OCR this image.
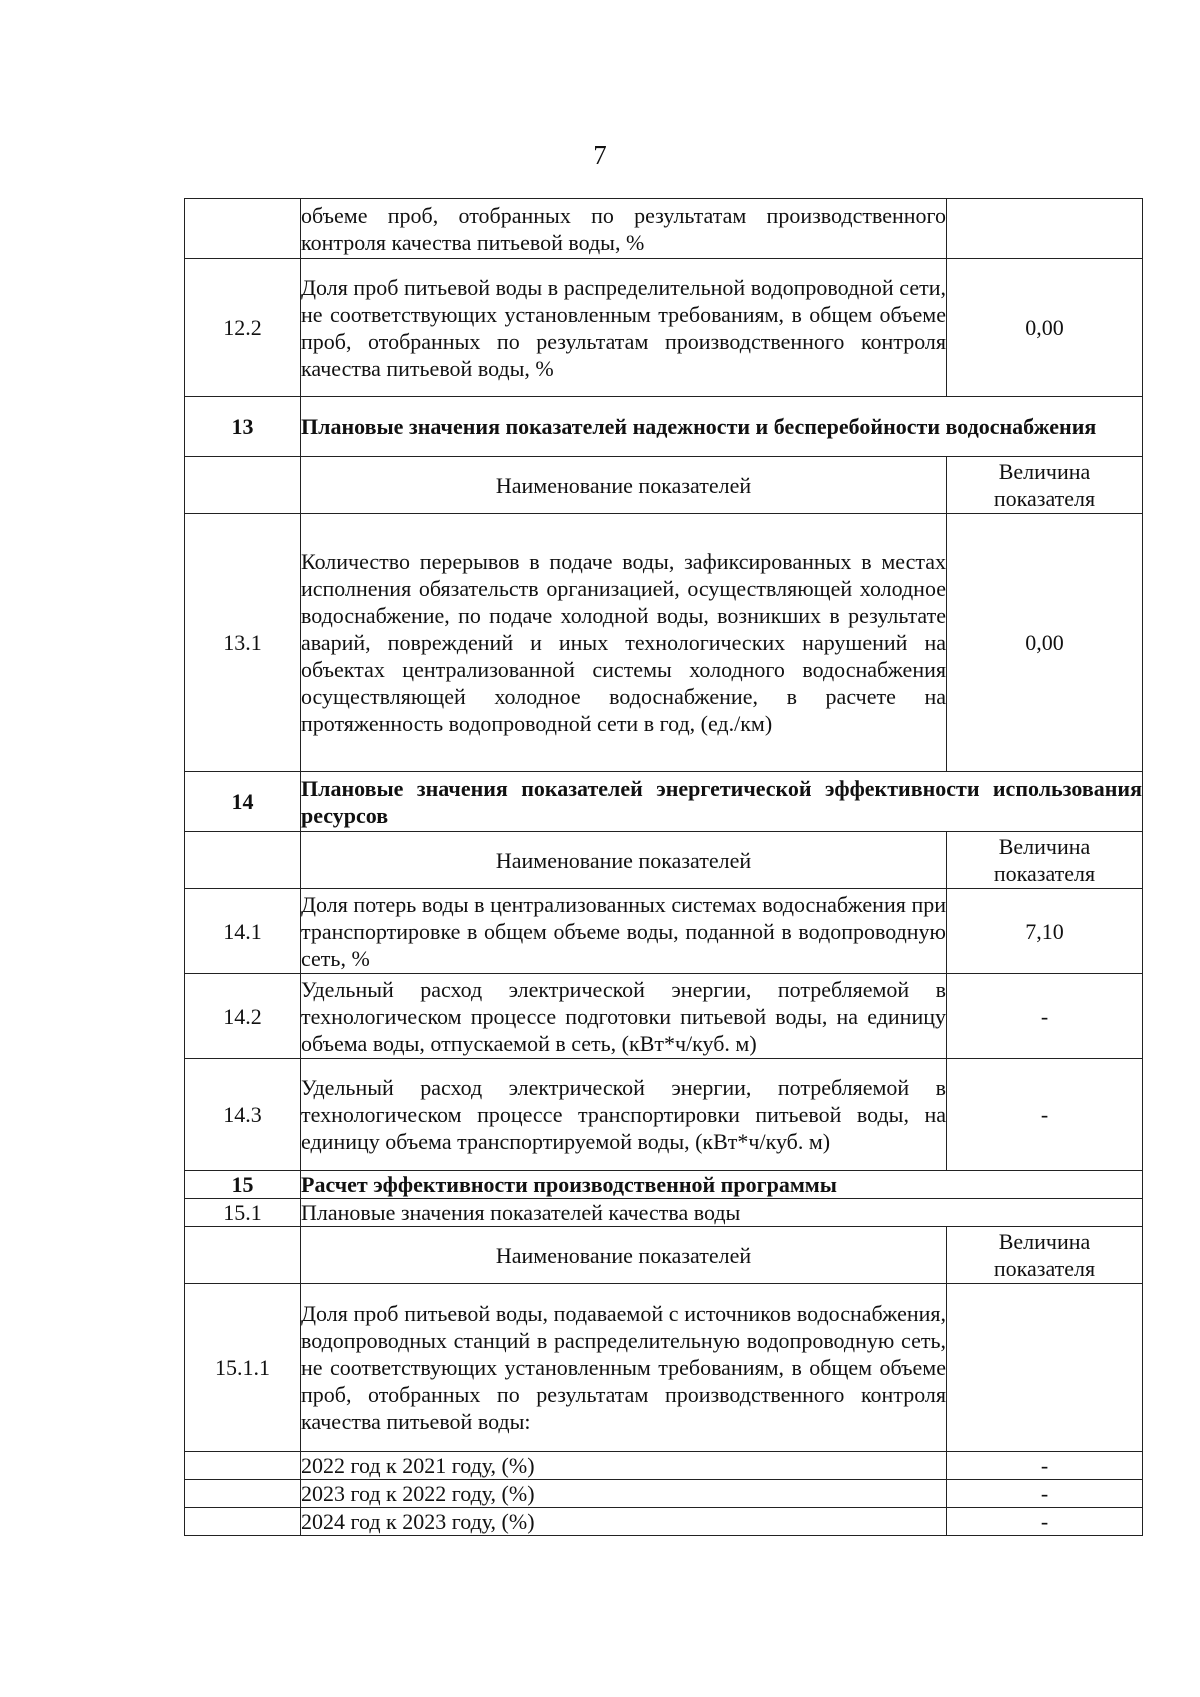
7
	объеме проб, отобранных по результатам производственного контроля качества питьевой воды, %	
12.2	Доля проб питьевой воды в распределительной водопроводной сети, не соответствующих установленным требованиям, в общем объеме проб, отобранных по результатам производственного контроля качества питьевой воды, %	0,00
13	Плановые значения показателей надежности и бесперебойности водоснабжения	
	Наименование показателей	Величина показателя
13.1	Количество перерывов в подаче воды, зафиксированных в местах исполнения обязательств организацией, осуществляющей холодное водоснабжение, по подаче холодной воды, возникших в результате аварий, повреждений и иных технологических нарушений на объектах централизованной системы холодного водоснабжения осуществляющей холодное водоснабжение, в расчете на протяженность водопроводной сети в год, (ед./км)	0,00
14	Плановые значения показателей энергетической эффективности использования ресурсов	
	Наименование показателей	Величина показателя
14.1	Доля потерь воды в централизованных системах водоснабжения при транспортировке в общем объеме воды, поданной в водопроводную сеть, %	7,10
14.2	Удельный расход электрической энергии, потребляемой в технологическом процессе подготовки питьевой воды, на единицу объема воды, отпускаемой в сеть, (кВт*ч/куб. м)	-
14.3	Удельный расход электрической энергии, потребляемой в технологическом процессе транспортировки питьевой воды, на единицу объема транспортируемой воды, (кВт*ч/куб. м)	-
15	Расчет эффективности производственной программы	
15.1	Плановые значения показателей качества воды	
	Наименование показателей	Величина показателя
15.1.1	Доля проб питьевой воды, подаваемой с источников водоснабжения, водопроводных станций в распределительную водопроводную сеть, не соответствующих установленным требованиям, в общем объеме проб, отобранных по результатам производственного контроля качества питьевой воды:	
	2022 год к 2021 году, (%)	-
	2023 год к 2022 году, (%)	-
	2024 год к 2023 году, (%)	-
